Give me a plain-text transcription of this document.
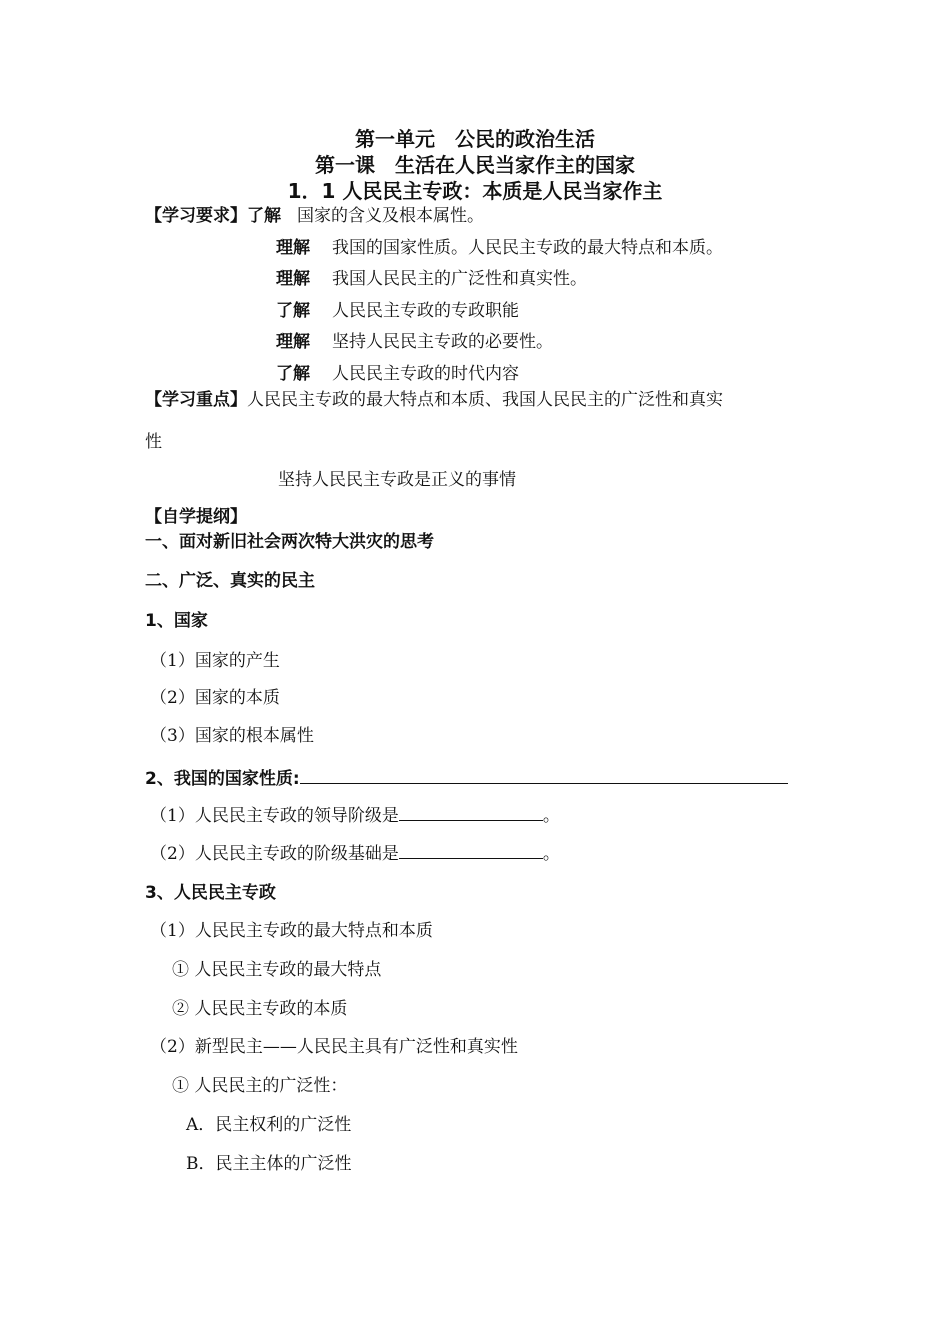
第一单元　公民的政治生活
第一课　生活在人民当家作主的国家
1．1 人民民主专政：本质是人民当家作主
【学习要求】了解 国家的含义及根本属性。
理解 我国的国家性质。人民民主专政的最大特点和本质。
理解 我国人民民主的广泛性和真实性。
了解 人民民主专政的专政职能
理解 坚持人民民主专政的必要性。
了解 人民民主专政的时代内容
【学习重点】人民民主专政的最大特点和本质、我国人民民主的广泛性和真实
性
坚持人民民主专政是正义的事情
【自学提纲】
一、面对新旧社会两次特大洪灾的思考
二、广泛、真实的民主
1、国家
（1）国家的产生
（2）国家的本质
（3）国家的根本属性
2、我国的国家性质:
（1）人民民主专政的领导阶级是	。
（2）人民民主专政的阶级基础是	。
3、人民民主专政
（1）人民民主专政的最大特点和本质
① 人民民主专政的最大特点
② 人民民主专政的本质
（2）新型民主——人民民主具有广泛性和真实性
① 人民民主的广泛性：
A．民主权利的广泛性
B．民主主体的广泛性
